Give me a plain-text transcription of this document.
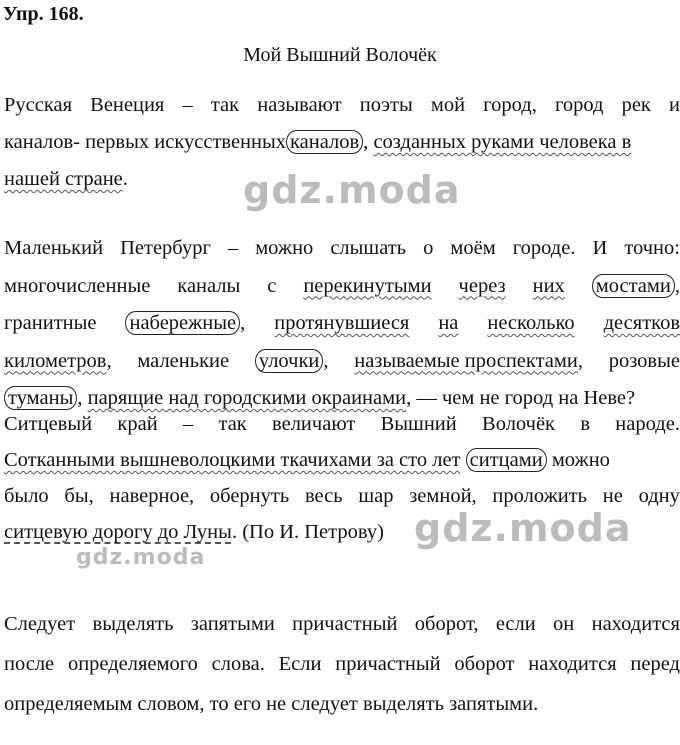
Упр. 168.
Мой Вышний Волочёк
Русская Венеция – так называют поэты мой город, город рек и
каналов- первых искусственных каналов , созданных руками человека в
нашей стране.	gdz.moda
Маленький Петербург – можно слышать о моём городе. И точно:
многочисленные каналы с перекинутыми через них мостами ,
гранитные набережные , протянувшиеся на несколько десятков
километров, маленькие улочки , называемые проспектами, розовые
туманы , парящие над городскими окраинами, — чем не город на Неве?
Ситцевый край – так величают Вышний Волочёк в народе.
Сотканными вышневолоцкими ткачихами за сто лет ситцами можно
было бы, наверное, обернуть весь шар земной, проложить не одну
ситцевую дорогу до Луны. (По И. Петрову) gdz.moda
gdz.moda
Следует выделять запятыми причастный оборот, если он находится
после определяемого слова. Если причастный оборот находится перед
определяемым словом, то его не следует выделять запятыми.
